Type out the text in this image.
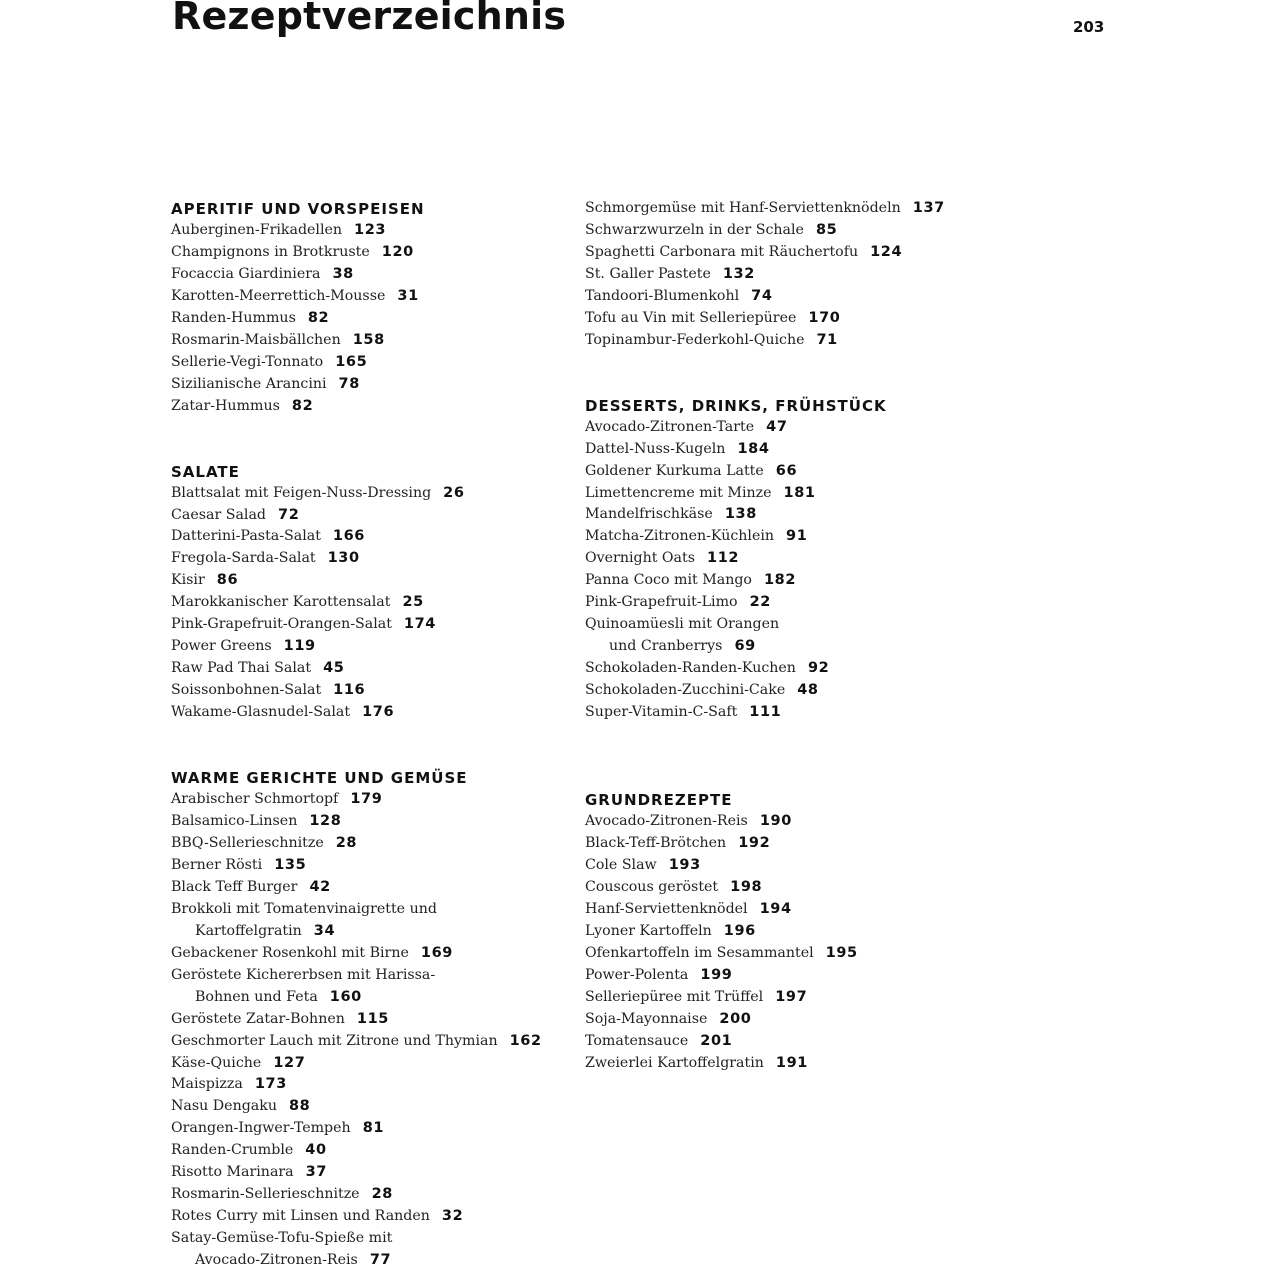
Rezeptverzeichnis	203
APERITIF UND VORSPEISEN
Auberginen-Frikadellen 123
Champignons in Brotkruste 120
Focaccia Giardiniera 38
Karotten-Meerrettich-Mousse 31
Randen-Hummus 82
Rosmarin-Maisbällchen 158
Sellerie-Vegi-Tonnato 165
Sizilianische Arancini 78
Zatar-Hummus 82
SALATE
Blattsalat mit Feigen-Nuss-Dressing 26
Caesar Salad 72
Datterini-Pasta-Salat 166
Fregola-Sarda-Salat 130
Kisir 86
Marokkanischer Karottensalat 25
Pink-Grapefruit-Orangen-Salat 174
Power Greens 119
Raw Pad Thai Salat 45
Soissonbohnen-Salat 116
Wakame-Glasnudel-Salat 176
WARME GERICHTE UND GEMÜSE
Arabischer Schmortopf 179
Balsamico-Linsen 128
BBQ-Sellerieschnitze 28
Berner Rösti 135
Black Teff Burger 42
Brokkoli mit Tomatenvinaigrette und
Kartoffelgratin 34
Gebackener Rosenkohl mit Birne 169
Geröstete Kichererbsen mit Harissa-
Bohnen und Feta 160
Geröstete Zatar-Bohnen 115
Geschmorter Lauch mit Zitrone und Thymian 162
Käse-Quiche 127
Maispizza 173
Nasu Dengaku 88
Orangen-Ingwer-Tempeh 81
Randen-Crumble 40
Risotto Marinara 37
Rosmarin-Sellerieschnitze 28
Rotes Curry mit Linsen und Randen 32
Satay-Gemüse-Tofu-Spieße mit
Avocado-Zitronen-Reis 77
Schmorgemüse mit Hanf-Serviettenknödeln 137
Schwarzwurzeln in der Schale 85
Spaghetti Carbonara mit Räuchertofu 124
St. Galler Pastete 132
Tandoori-Blumenkohl 74
Tofu au Vin mit Selleriepüree 170
Topinambur-Federkohl-Quiche 71
DESSERTS, DRINKS, FRÜHSTÜCK
Avocado-Zitronen-Tarte 47
Dattel-Nuss-Kugeln 184
Goldener Kurkuma Latte 66
Limettencreme mit Minze 181
Mandelfrischkäse 138
Matcha-Zitronen-Küchlein 91
Overnight Oats 112
Panna Coco mit Mango 182
Pink-Grapefruit-Limo 22
Quinoamüesli mit Orangen
und Cranberrys 69
Schokoladen-Randen-Kuchen 92
Schokoladen-Zucchini-Cake 48
Super-Vitamin-C-Saft 111
GRUNDREZEPTE
Avocado-Zitronen-Reis 190
Black-Teff-Brötchen 192
Cole Slaw 193
Couscous geröstet 198
Hanf-Serviettenknödel 194
Lyoner Kartoffeln 196
Ofenkartoffeln im Sesammantel 195
Power-Polenta 199
Selleriepüree mit Trüffel 197
Soja-Mayonnaise 200
Tomatensauce 201
Zweierlei Kartoffelgratin 191
